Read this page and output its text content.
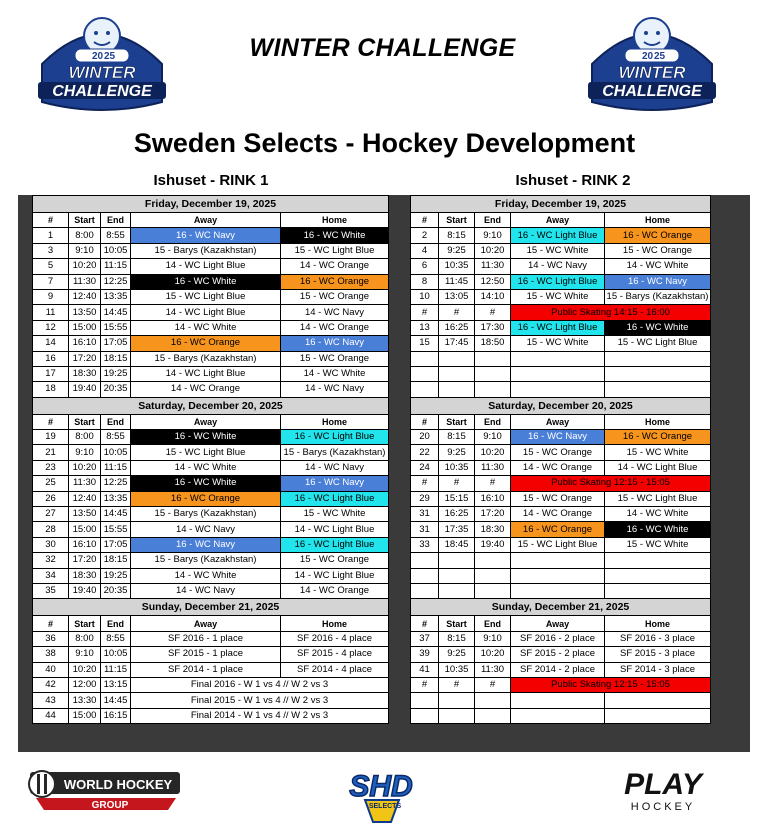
20 25
WINTER
CHALLENGE
20 25
WINTER
CHALLENGE
WINTER CHALLENGE
Sweden Selects - Hockey Development
Ishuset - RINK 1	Ishuset - RINK 2
Friday, December 19, 2025				
#	Start	End	Away	Home
1	8:00	8:55	16 - WC Navy	16 - WC White
3	9:10	10:05	15 - Barys (Kazakhstan)	15 - WC Light Blue
5	10:20	11:15	14 - WC Light Blue	14 - WC Orange
7	11:30	12:25	16 - WC White	16 - WC Orange
9	12:40	13:35	15 - WC Light Blue	15 - WC Orange
11	13:50	14:45	14 - WC Light Blue	14 - WC Navy
12	15:00	15:55	14 - WC White	14 - WC Orange
14	16:10	17:05	16 - WC Orange	16 - WC Navy
16	17:20	18:15	15 - Barys (Kazakhstan)	15 - WC Orange
17	18:30	19:25	14 - WC Light Blue	14 - WC White
18	19:40	20:35	14 - WC Orange	14 - WC Navy
Saturday, December 20, 2025				
#	Start	End	Away	Home
19	8:00	8:55	16 - WC White	16 - WC Light Blue
21	9:10	10:05	15 - WC Light Blue	15 - Barys (Kazakhstan)
23	10:20	11:15	14 - WC White	14 - WC Navy
25	11:30	12:25	16 - WC White	16 - WC Navy
26	12:40	13:35	16 - WC Orange	16 - WC Light Blue
27	13:50	14:45	15 - Barys (Kazakhstan)	15 - WC White
28	15:00	15:55	14 - WC Navy	14 - WC Light Blue
30	16:10	17:05	16 - WC Navy	16 - WC Light Blue
32	17:20	18:15	15 - Barys (Kazakhstan)	15 - WC Orange
34	18:30	19:25	14 - WC White	14 - WC Light Blue
35	19:40	20:35	14 - WC Navy	14 - WC Orange
Sunday, December 21, 2025				
#	Start	End	Away	Home
36	8:00	8:55	SF 2016 - 1 place	SF 2016 - 4 place
38	9:10	10:05	SF 2015 - 1 place	SF 2015 - 4 place
40	10:20	11:15	SF 2014 - 1 place	SF 2014 - 4 place
42	12:00	13:15	Final 2016 - W 1 vs 4 // W 2 vs 3	
43	13:30	14:45	Final 2015 - W 1 vs 4 // W 2 vs 3	
44	15:00	16:15	Final 2014 - W 1 vs 4 // W 2 vs 3	
Friday, December 19, 2025				
#	Start	End	Away	Home
2	8:15	9:10	16 - WC Light Blue	16 - WC Orange
4	9:25	10:20	15 - WC White	15 - WC Orange
6	10:35	11:30	14 - WC Navy	14 - WC White
8	11:45	12:50	16 - WC Light Blue	16 - WC Navy
10	13:05	14:10	15 - WC White	15 - Barys (Kazakhstan)
#	#	#	Public Skating 14:15 - 16:00	
13	16:25	17:30	16 - WC Light Blue	16 - WC White
15	17:45	18:50	15 - WC White	15 - WC Light Blue

Saturday, December 20, 2025				
#	Start	End	Away	Home
20	8:15	9:10	16 - WC Navy	16 - WC Orange
22	9:25	10:20	15 - WC Orange	15 - WC White
24	10:35	11:30	14 - WC Orange	14 - WC Light Blue
#	#	#	Public Skating 12:15 - 15:05	
29	15:15	16:10	15 - WC Orange	15 - WC Light Blue
31	16:25	17:20	14 - WC Orange	14 - WC White
31	17:35	18:30	16 - WC Orange	16 - WC White
33	18:45	19:40	15 - WC Light Blue	15 - WC White

Sunday, December 21, 2025				
#	Start	End	Away	Home
37	8:15	9:10	SF 2016 - 2 place	SF 2016 - 3 place
39	9:25	10:20	SF 2015 - 2 place	SF 2015 - 3 place
41	10:35	11:30	SF 2014 - 2 place	SF 2014 - 3 place
#	#	#	Public Skating 12:15 - 15:05	

WORLD HOCKEY
GROUP
SHD
SELECTS
PLAY
HOCKEY
